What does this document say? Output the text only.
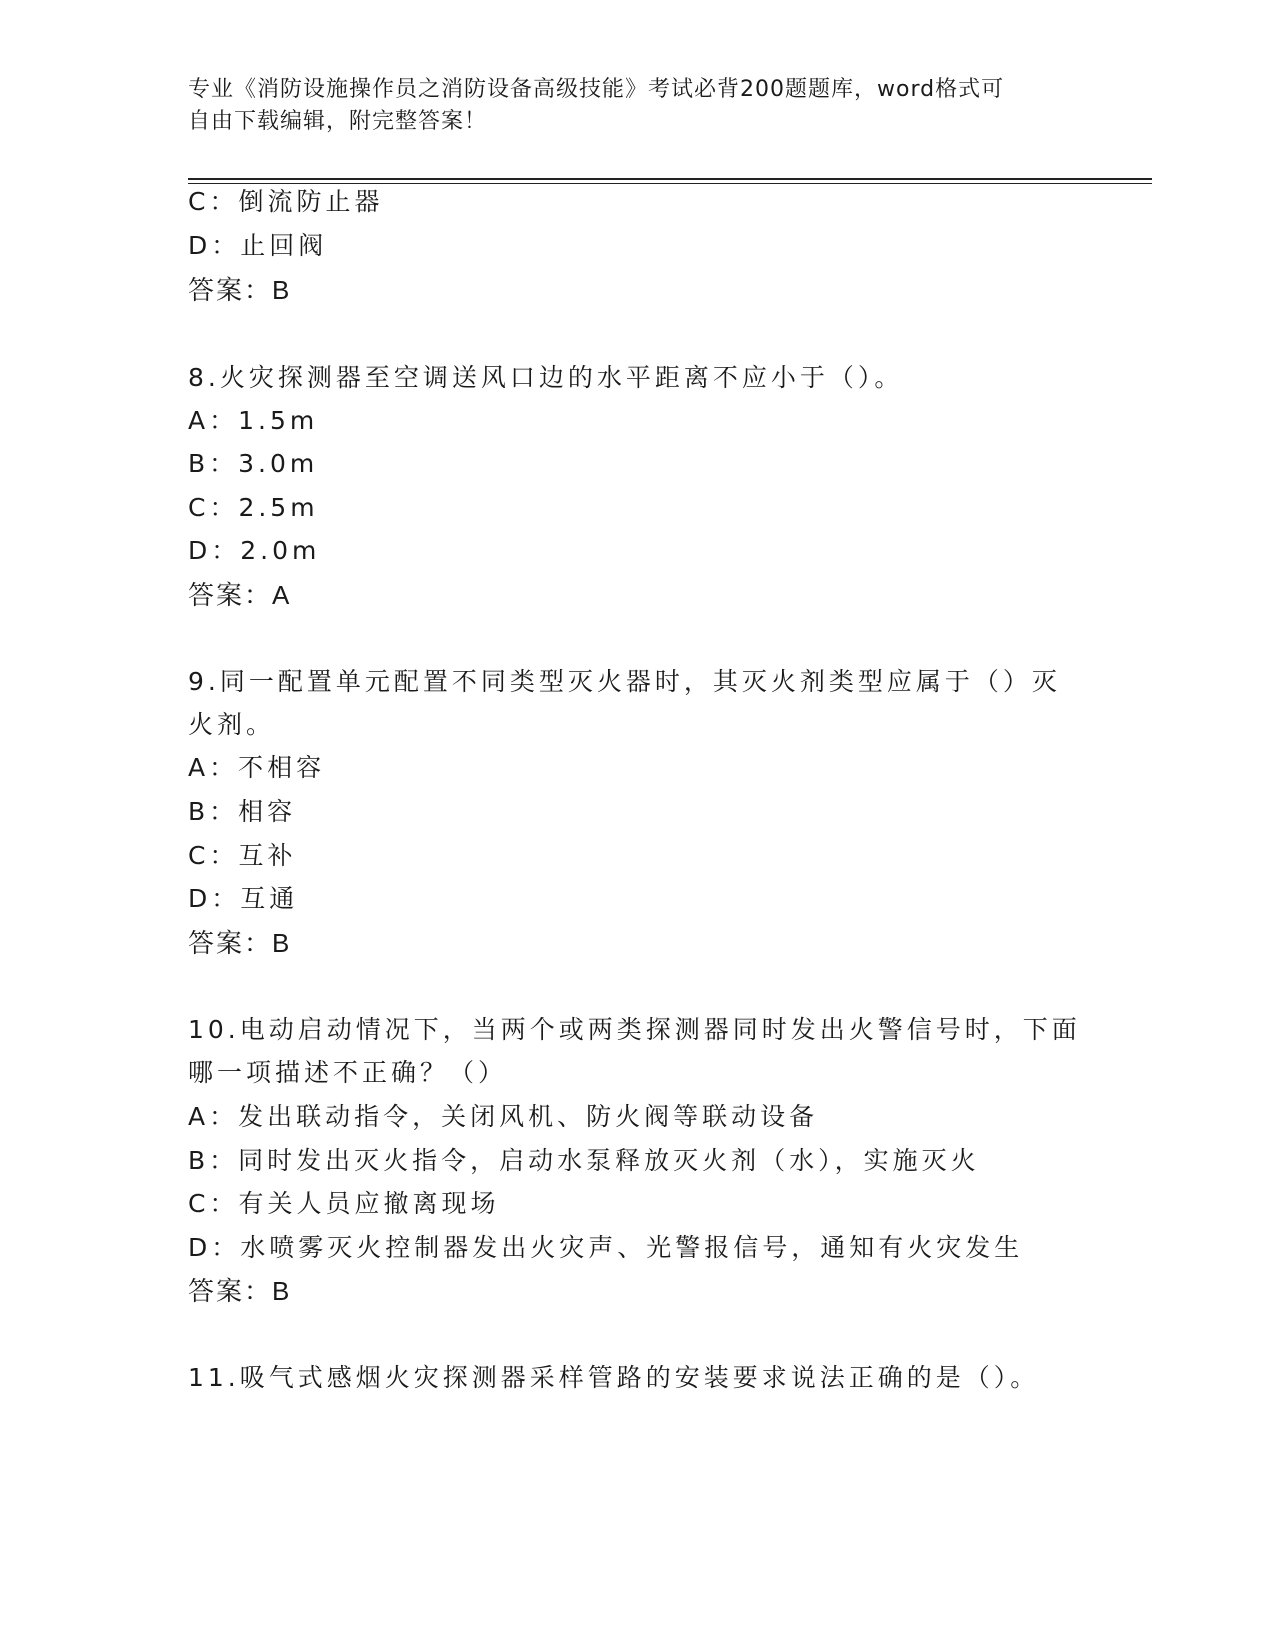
专业《消防设施操作员之消防设备高级技能》考试必背200题题库，word格式可
自由下载编辑，附完整答案！
C：倒流防止器
D：止回阀
答案：B
8.火灾探测器至空调送风口边的水平距离不应小于（）。
A：1.5m
B：3.0m
C：2.5m
D：2.0m
答案：A
9.同一配置单元配置不同类型灭火器时，其灭火剂类型应属于（）灭
火剂。
A：不相容
B：相容
C：互补
D：互通
答案：B
10.电动启动情况下，当两个或两类探测器同时发出火警信号时，下面
哪一项描述不正确？（）
A：发出联动指令，关闭风机、防火阀等联动设备
B：同时发出灭火指令，启动水泵释放灭火剂（水），实施灭火
C：有关人员应撤离现场
D：水喷雾灭火控制器发出火灾声、光警报信号，通知有火灾发生
答案：B
11.吸气式感烟火灾探测器采样管路的安装要求说法正确的是（）。
